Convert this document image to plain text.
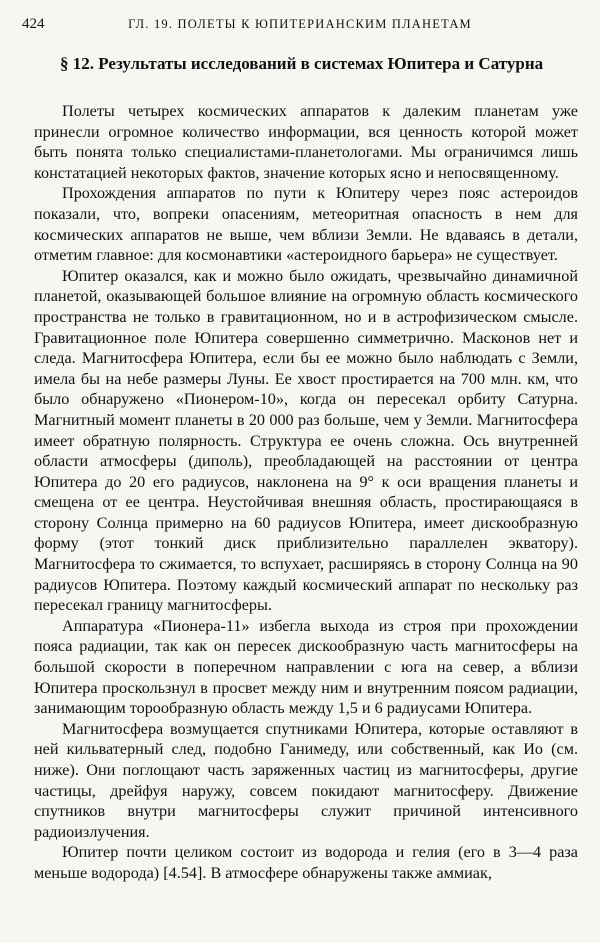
424	ГЛ. 19. ПОЛЕТЫ К ЮПИТЕРИАНСКИМ ПЛАНЕТАМ
§ 12. Результаты исследований в системах Юпитера и Сатурна

Полеты четырех космических аппаратов к далеким планетам уже принесли огромное количество информации, вся ценность которой может быть понята только специалистами-планетологами. Мы ограничимся лишь констатацией некоторых фактов, значение которых ясно и непосвященному.

Прохождения аппаратов по пути к Юпитеру через пояс астероидов показали, что, вопреки опасениям, метеоритная опасность в нем для космических аппаратов не выше, чем вблизи Земли. Не вдаваясь в детали, отметим главное: для космонавтики «астероидного барьера» не существует.

Юпитер оказался, как и можно было ожидать, чрезвычайно динамичной планетой, оказывающей большое влияние на огромную область космического пространства не только в гравитационном, но и в астрофизическом смысле. Гравитационное поле Юпитера совершенно симметрично. Масконов нет и следа. Магнитосфера Юпитера, если бы ее можно было наблюдать с Земли, имела бы на небе размеры Луны. Ее хвост простирается на 700 млн. км, что было обнаружено «Пионером-10», когда он пересекал орбиту Сатурна. Магнитный момент планеты в 20 000 раз больше, чем у Земли. Магнитосфера имеет обратную полярность. Структура ее очень сложна. Ось внутренней области атмосферы (диполь), преобладающей на расстоянии от центра Юпитера до 20 его радиусов, наклонена на 9° к оси вращения планеты и смещена от ее центра. Неустойчивая внешняя область, простирающаяся в сторону Солнца примерно на 60 радиусов Юпитера, имеет дискообразную форму (этот тонкий диск приблизительно параллелен экватору). Магнитосфера то сжимается, то вспухает, расширяясь в сторону Солнца на 90 радиусов Юпитера. Поэтому каждый космический аппарат по нескольку раз пересекал границу магнитосферы.

Аппаратура «Пионера-11» избегла выхода из строя при прохождении пояса радиации, так как он пересек дискообразную часть магнитосферы на большой скорости в поперечном направлении с юга на север, а вблизи Юпитера проскользнул в просвет между ним и внутренним поясом радиации, занимающим тороoбразную область между 1,5 и 6 радиусами Юпитера.

Магнитосфера возмущается спутниками Юпитера, которые оставляют в ней кильватерный след, подобно Ганимеду, или собственный, как Ио (см. ниже). Они поглощают часть заряженных частиц из магнитосферы, другие частицы, дрейфуя наружу, совсем покидают магнитосферу. Движение спутников внутри магнитосферы служит причиной интенсивного радиоизлучения.

Юпитер почти целиком состоит из водорода и гелия (его в 3—4 раза меньше водорода) [4.54]. В атмосфере обнаружены также аммиак,
